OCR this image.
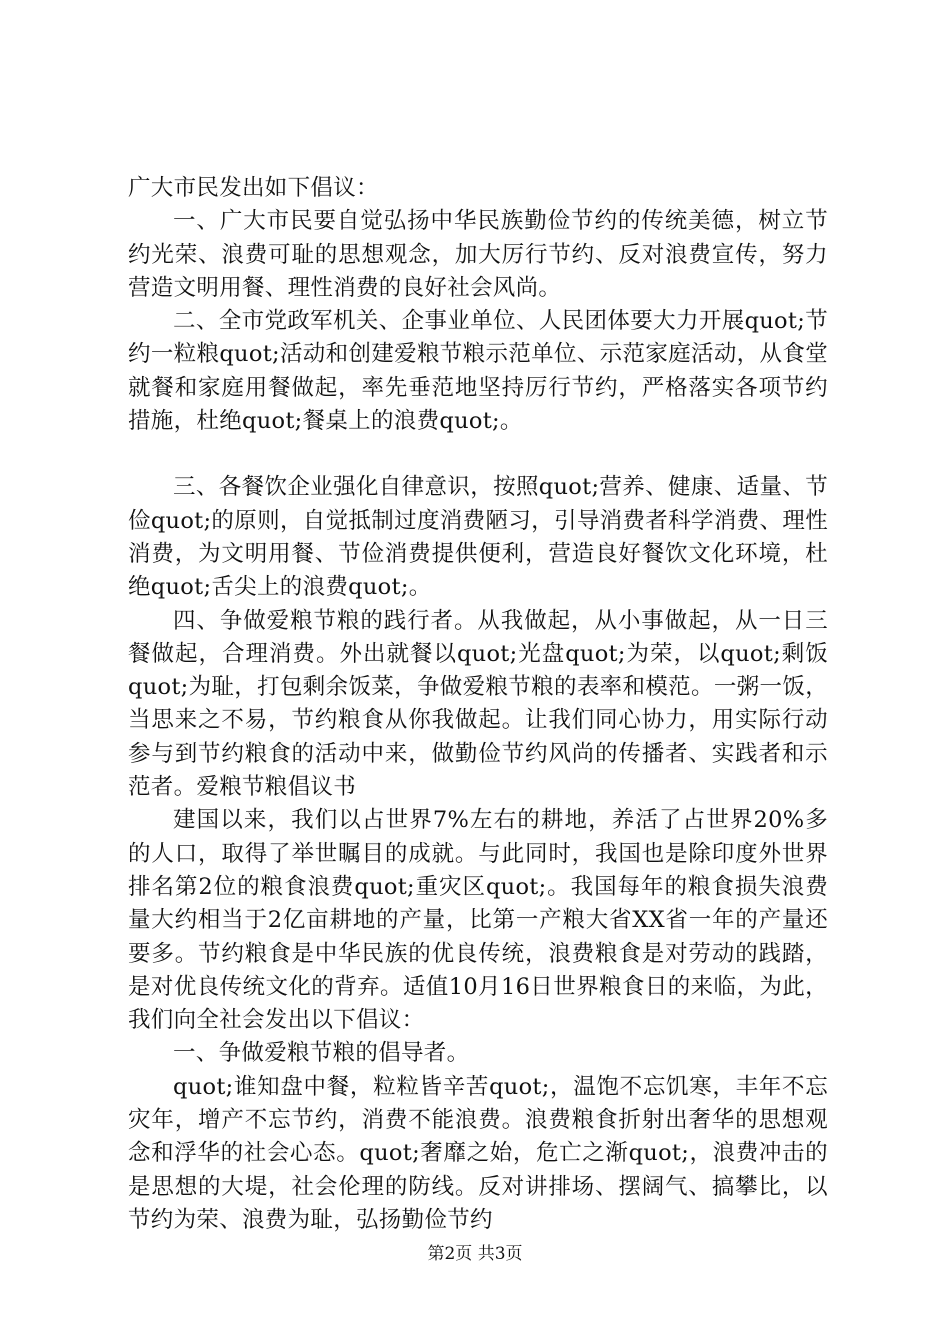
广大市民发出如下倡议：

一、广大市民要自觉弘扬中华民族勤俭节约的传统美德，树立节约光荣、浪费可耻的思想观念，加大厉行节约、反对浪费宣传，努力营造文明用餐、理性消费的良好社会风尚。

二、全市党政军机关、企事业单位、人民团体要大力开展quot;节约一粒粮quot;活动和创建爱粮节粮示范单位、示范家庭活动，从食堂就餐和家庭用餐做起，率先垂范地坚持厉行节约，严格落实各项节约措施，杜绝quot;餐桌上的浪费quot;。

三、各餐饮企业强化自律意识，按照quot;营养、健康、适量、节俭quot;的原则，自觉抵制过度消费陋习，引导消费者科学消费、理性消费，为文明用餐、节俭消费提供便利，营造良好餐饮文化环境，杜绝quot;舌尖上的浪费quot;。

四、争做爱粮节粮的践行者。从我做起，从小事做起，从一日三餐做起，合理消费。外出就餐以quot;光盘quot;为荣，以quot;剩饭quot;为耻，打包剩余饭菜，争做爱粮节粮的表率和模范。一粥一饭，当思来之不易，节约粮食从你我做起。让我们同心协力，用实际行动参与到节约粮食的活动中来，做勤俭节约风尚的传播者、实践者和示范者。爱粮节粮倡议书

建国以来，我们以占世界7%左右的耕地，养活了占世界20%多的人口，取得了举世瞩目的成就。与此同时，我国也是除印度外世界排名第2位的粮食浪费quot;重灾区quot;。我国每年的粮食损失浪费量大约相当于2亿亩耕地的产量，比第一产粮大省XX省一年的产量还要多。节约粮食是中华民族的优良传统，浪费粮食是对劳动的践踏，是对优良传统文化的背弃。适值10月16日世界粮食日的来临，为此，我们向全社会发出以下倡议：

一、争做爱粮节粮的倡导者。

quot;谁知盘中餐，粒粒皆辛苦quot;，温饱不忘饥寒，丰年不忘灾年，增产不忘节约，消费不能浪费。浪费粮食折射出奢华的思想观念和浮华的社会心态。quot;奢靡之始，危亡之渐quot;，浪费冲击的是思想的大堤，社会伦理的防线。反对讲排场、摆阔气、搞攀比，以节约为荣、浪费为耻，弘扬勤俭节约

第2页 共3页
